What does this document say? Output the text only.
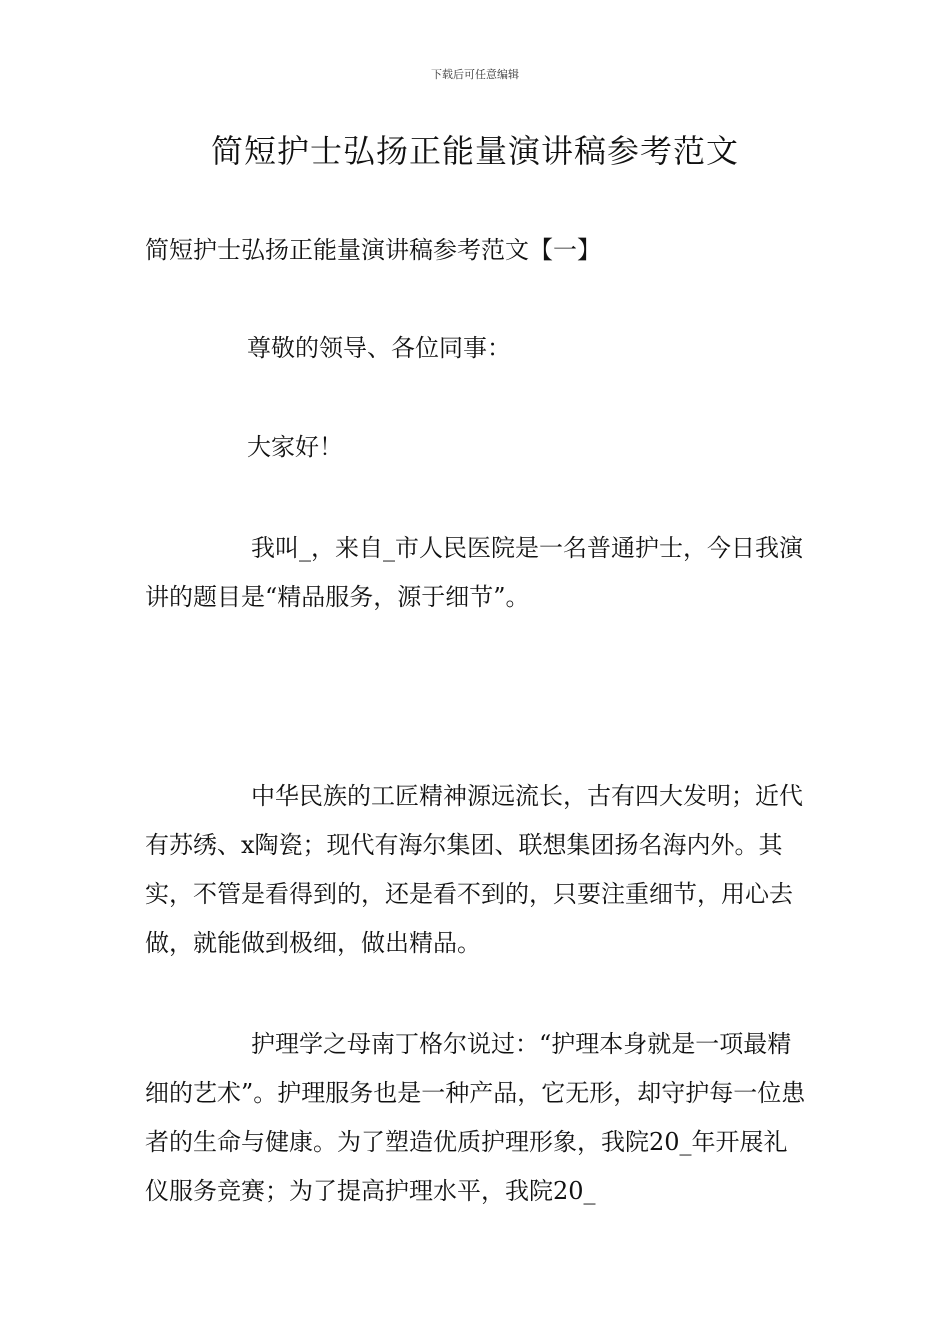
下载后可任意编辑
简短护士弘扬正能量演讲稿参考范文

简短护士弘扬正能量演讲稿参考范文【一】

尊敬的领导、各位同事：

大家好！

我叫_，来自_市人民医院是一名普通护士，今日我演讲的题目是“精品服务，源于细节”。

中华民族的工匠精神源远流长，古有四大发明；近代有苏绣、x陶瓷；现代有海尔集团、联想集团扬名海内外。其实，不管是看得到的，还是看不到的，只要注重细节，用心去做，就能做到极细，做出精品。

护理学之母南丁格尔说过：“护理本身就是一项最精细的艺术”。护理服务也是一种产品，它无形，却守护每一位患者的生命与健康。为了塑造优质护理形象，我院20_年开展礼仪服务竞赛；为了提高护理水平，我院20_
